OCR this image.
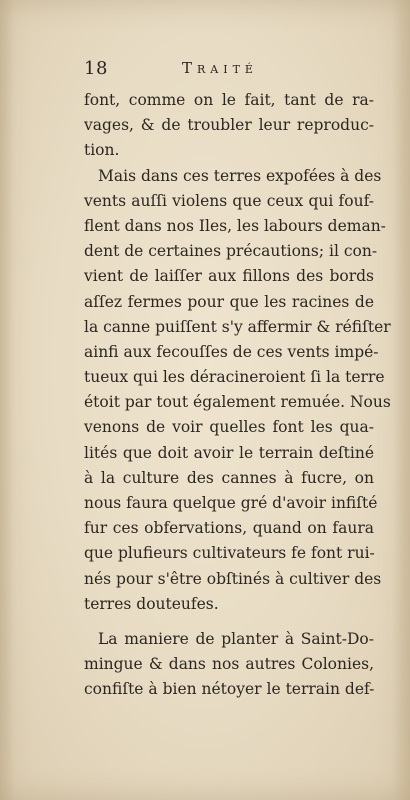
18	Traité
font, comme on le fait, tant de ra-
vages, & de troubler leur reproduc-
tion.
Mais dans ces terres expofées à des
vents auſſi violens que ceux qui fouf-
flent dans nos Iles, les labours deman-
dent de certaines précautions; il con-
vient de laiſſer aux fillons des bords
aſſez fermes pour que les racines de
la canne puiſſent s'y affermir & réfiſter
ainfi aux fecouſſes de ces vents impé-
tueux qui les déracineroient ſi la terre
étoit par tout également remuée. Nous
venons de voir quelles font les qua-
lités que doit avoir le terrain deſtiné
à la culture des cannes à fucre, on
nous faura quelque gré d'avoir infiſté
fur ces obfervations, quand on faura
que plufieurs cultivateurs fe font rui-
nés pour s'être obſtinés à cultiver des
terres douteufes.
La maniere de planter à Saint-Do-
mingue & dans nos autres Colonies,
confiſte à bien nétoyer le terrain def-
